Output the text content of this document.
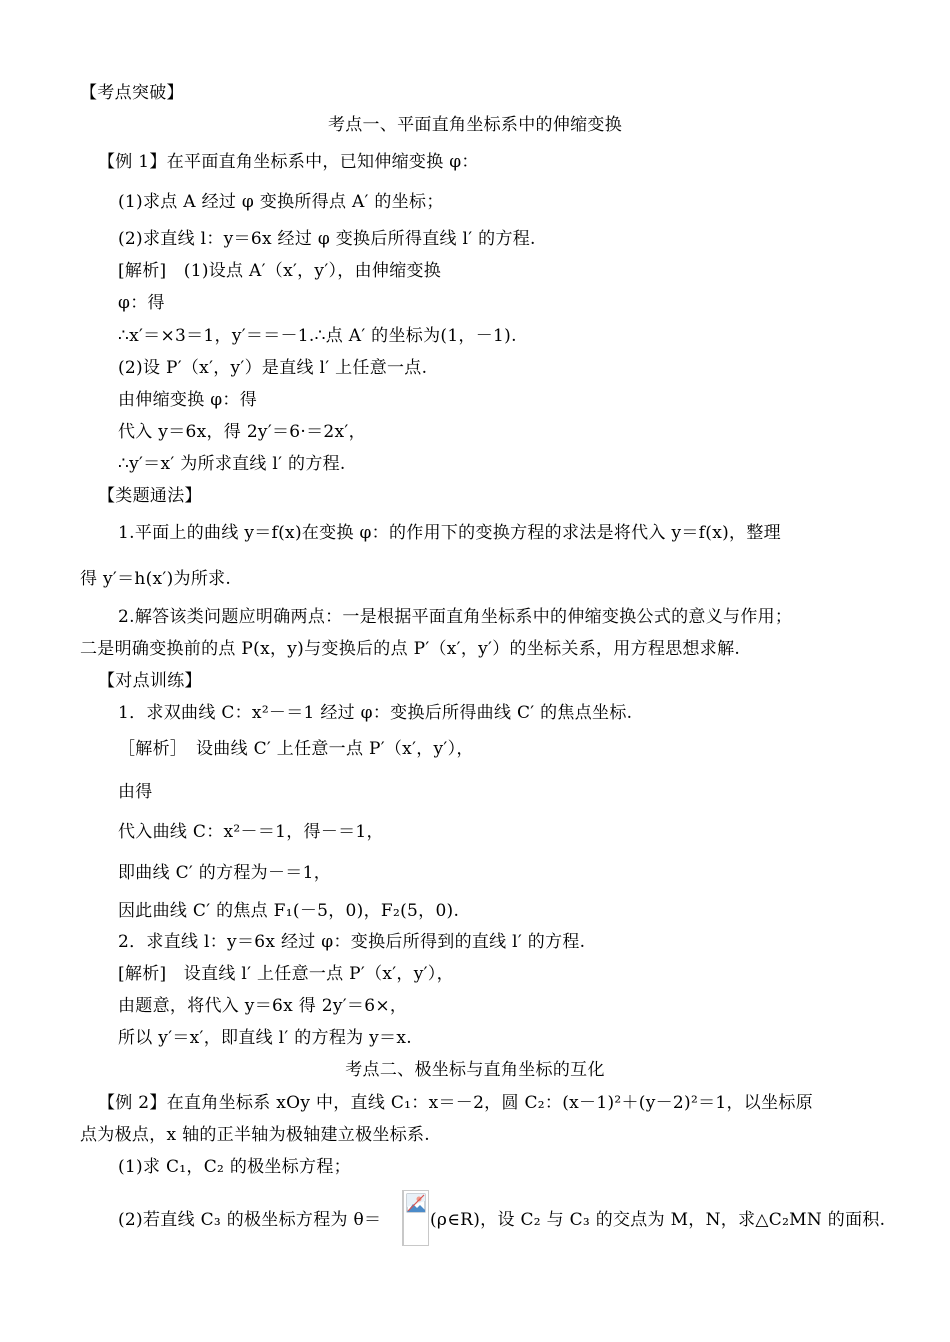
【考点突破】
考点一、平面直角坐标系中的伸缩变换
【例 1】在平面直角坐标系中，已知伸缩变换 φ：
(1)求点 A 经过 φ 变换所得点 A′ 的坐标；
(2)求直线 l：y＝6x 经过 φ 变换后所得直线 l′ 的方程.
[解析]　(1)设点 A′（x′，y′），由伸缩变换
φ：得
∴x′＝×3＝1，y′＝＝－1.∴点 A′ 的坐标为(1，－1).
(2)设 P′（x′，y′）是直线 l′ 上任意一点.
由伸缩变换 φ：得
代入 y＝6x，得 2y′＝6·＝2x′，
∴y′＝x′ 为所求直线 l′ 的方程.
【类题通法】
1.平面上的曲线 y＝f(x)在变换 φ：的作用下的变换方程的求法是将代入 y＝f(x)，整理
得 y′＝h(x′)为所求.
2.解答该类问题应明确两点：一是根据平面直角坐标系中的伸缩变换公式的意义与作用；
二是明确变换前的点 P(x，y)与变换后的点 P′（x′，y′）的坐标关系，用方程思想求解.
【对点训练】
1．求双曲线 C：x²－＝1 经过 φ：变换后所得曲线 C′ 的焦点坐标.
［解析］　设曲线 C′ 上任意一点 P′（x′，y′），
由得
代入曲线 C：x²－＝1，得－＝1，
即曲线 C′ 的方程为－＝1，
因此曲线 C′ 的焦点 F₁(－5，0)，F₂(5，0).
2．求直线 l：y＝6x 经过 φ：变换后所得到的直线 l′ 的方程.
[解析]　设直线 l′ 上任意一点 P′（x′，y′），
由题意，将代入 y＝6x 得 2y′＝6×，
所以 y′＝x′，即直线 l′ 的方程为 y＝x.
考点二、极坐标与直角坐标的互化
【例 2】在直角坐标系 xOy 中，直线 C₁：x＝－2，圆 C₂：(x－1)²＋(y－2)²＝1，以坐标原
点为极点，x 轴的正半轴为极轴建立极坐标系.
(1)求 C₁，C₂ 的极坐标方程；
(2)若直线 C₃ 的极坐标方程为 θ＝	(ρ∈R)，设 C₂ 与 C₃ 的交点为 M，N，求△C₂MN 的面积.
